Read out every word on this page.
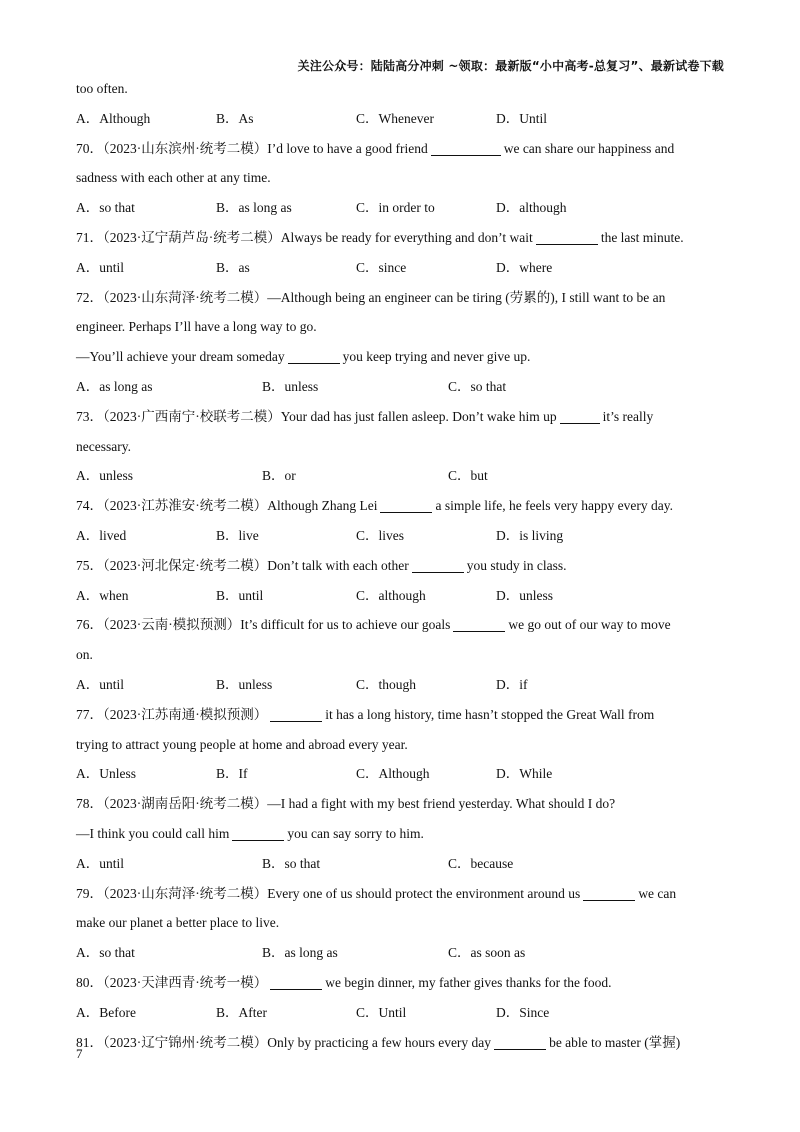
关注公众号：陆陆高分冲刺 ~领取：最新版“小中高考-总复习”、最新试卷下载
too often.
A．Although	B．As	C．Whenever	D．Until
70．（2023·山东滨州·统考二模）I’d love to have a good friend	we can share our happiness and
sadness with each other at any time.
A．so that	B．as long as	C．in order to	D．although
71．（2023·辽宁葫芦岛·统考二模）Always be ready for everything and don’t wait	the last minute.
A．until	B．as	C．since	D．where
72．（2023·山东菏泽·统考二模）—Although being an engineer can be tiring (劳累的), I still want to be an
engineer. Perhaps I’ll have a long way to go.
—You’ll achieve your dream someday	you keep trying and never give up.
A．as long as	B．unless	C．so that
73．（2023·广西南宁·校联考二模）Your dad has just fallen asleep. Don’t wake him up	it’s really
necessary.
A．unless	B．or	C．but
74．（2023·江苏淮安·统考二模）Although Zhang Lei	a simple life, he feels very happy every day.
A．lived	B．live	C．lives	D．is living
75．（2023·河北保定·统考二模）Don’t talk with each other	you study in class.
A．when	B．until	C．although	D．unless
76．（2023·云南·模拟预测）It’s difficult for us to achieve our goals	we go out of our way to move
on.
A．until	B．unless	C．though	D．if
77．（2023·江苏南通·模拟预测）	it has a long history, time hasn’t stopped the Great Wall from
trying to attract young people at home and abroad every year.
A．Unless	B．If	C．Although	D．While
78．（2023·湖南岳阳·统考二模）—I had a fight with my best friend yesterday. What should I do?
—I think you could call him	you can say sorry to him.
A．until	B．so that	C．because
79．（2023·山东菏泽·统考二模）Every one of us should protect the environment around us	we can
make our planet a better place to live.
A．so that	B．as long as	C．as soon as
80．（2023·天津西青·统考一模）	we begin dinner, my father gives thanks for the food.
A．Before	B．After	C．Until	D．Since
81．（2023·辽宁锦州·统考二模）Only by practicing a few hours every day	be able to master (掌握)
7
